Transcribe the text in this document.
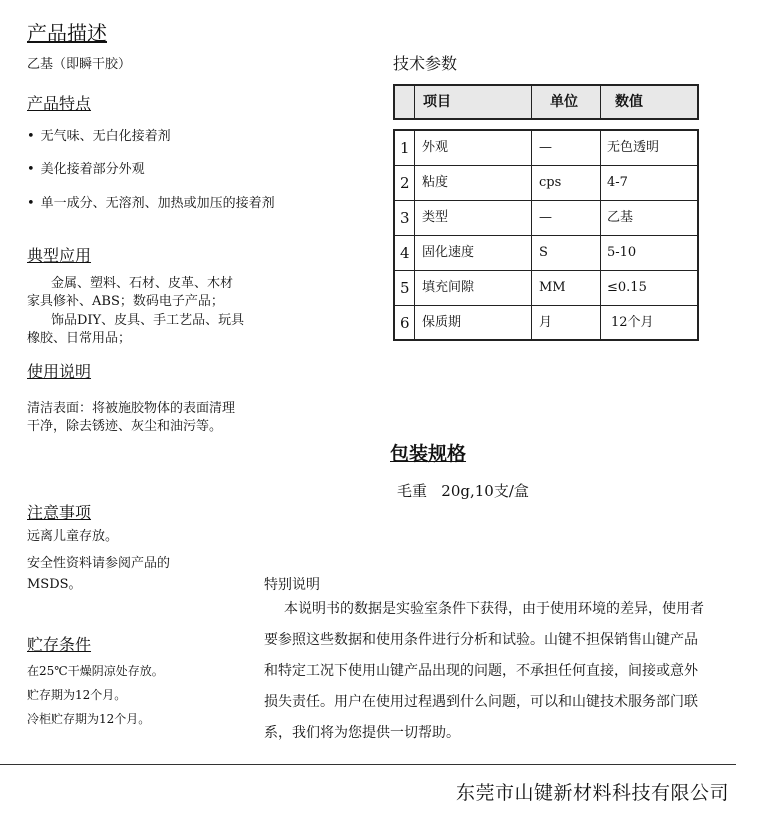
产品描述
乙基（即瞬干胶）
产品特点
• 无气味、无白化接着剂
• 美化接着部分外观
• 单一成分、无溶剂、加热或加压的接着剂
典型应用
金属、塑料、石材、皮革、木材
家具修补、ABS；数码电子产品；
饰品DIY、皮具、手工艺品、玩具
橡胶、日常用品；
使用说明
清洁表面：将被施胶物体的表面清理
干净，除去锈迹、灰尘和油污等。
注意事项
远离儿童存放。
安全性资料请参阅产品的
MSDS。
贮存条件
在25℃干燥阴凉处存放。
贮存期为12个月。
冷柜贮存期为12个月。
技术参数
项目	单位	数值
1 外观	—	无色透明
2 粘度	cps	4-7
3 类型	—	乙基
4 固化速度	S	5-10
5 填充间隙	MM	≤0.15
6 保质期	月	12个月
包装规格
毛重   20g,10支/盒
特别说明
本说明书的数据是实验室条件下获得，由于使用环境的差异，使用者
要参照这些数据和使用条件进行分析和试验。山键不担保销售山键产品
和特定工况下使用山键产品出现的问题，不承担任何直接，间接或意外
损失责任。用户在使用过程遇到什么问题，可以和山键技术服务部门联
系，我们将为您提供一切帮助。
东莞市山键新材料科技有限公司
